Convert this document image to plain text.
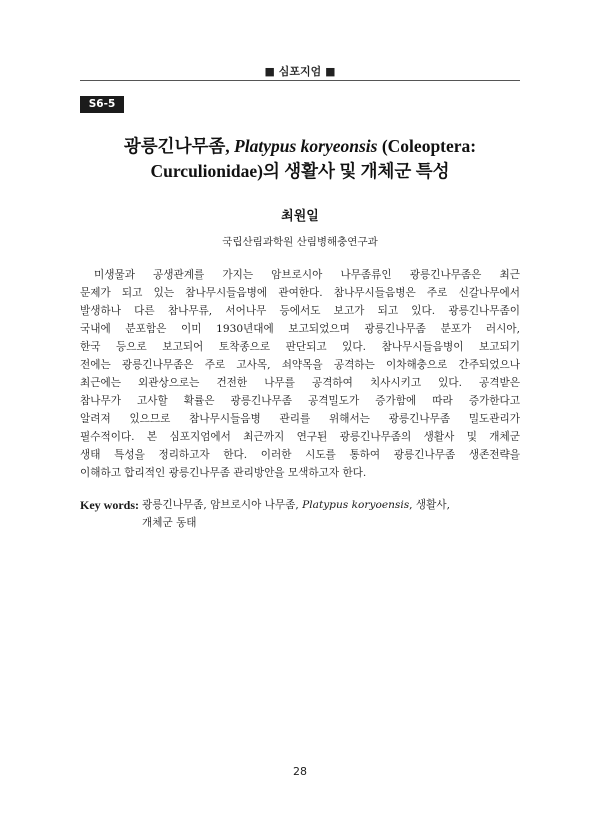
■ 심포지엄 ■
S6-5
광릉긴나무좀, Platypus koryeonsis (Coleoptera:
Curculionidae)의 생활사 및 개체군 특성
최원일
국립산림과학원 산림병해충연구과
미생물과 공생관계를 가지는 암브로시아 나무좀류인 광릉긴나무좀은 최근
문제가 되고 있는 참나무시들음병에 관여한다. 참나무시들음병은 주로 신갈나무에서
발생하나 다른 참나무류, 서어나무 등에서도 보고가 되고 있다. 광릉긴나무좀이
국내에 분포함은 이미 1930년대에 보고되었으며 광릉긴나무좀 분포가 러시아,
한국 등으로 보고되어 토착종으로 판단되고 있다. 참나무시들음병이 보고되기
전에는 광릉긴나무좀은 주로 고사목, 쇠약목을 공격하는 이차해충으로 간주되었으나
최근에는 외관상으로는 건전한 나무를 공격하여 치사시키고 있다. 공격받은
참나무가 고사할 확률은 광릉긴나무좀 공격밀도가 증가함에 따라 증가한다고
알려져 있으므로 참나무시들음병 관리를 위해서는 광릉긴나무좀 밀도관리가
필수적이다. 본 심포지엄에서 최근까지 연구된 광릉긴나무좀의 생활사 및 개체군
생태 특성을 정리하고자 한다. 이러한 시도를 통하여 광릉긴나무좀 생존전략을
이해하고 합리적인 광릉긴나무좀 관리방안을 모색하고자 한다.
Key words: 광릉긴나무좀, 암브로시아 나무좀, Platypus koryoensis, 생활사,
개체군 동태
28
